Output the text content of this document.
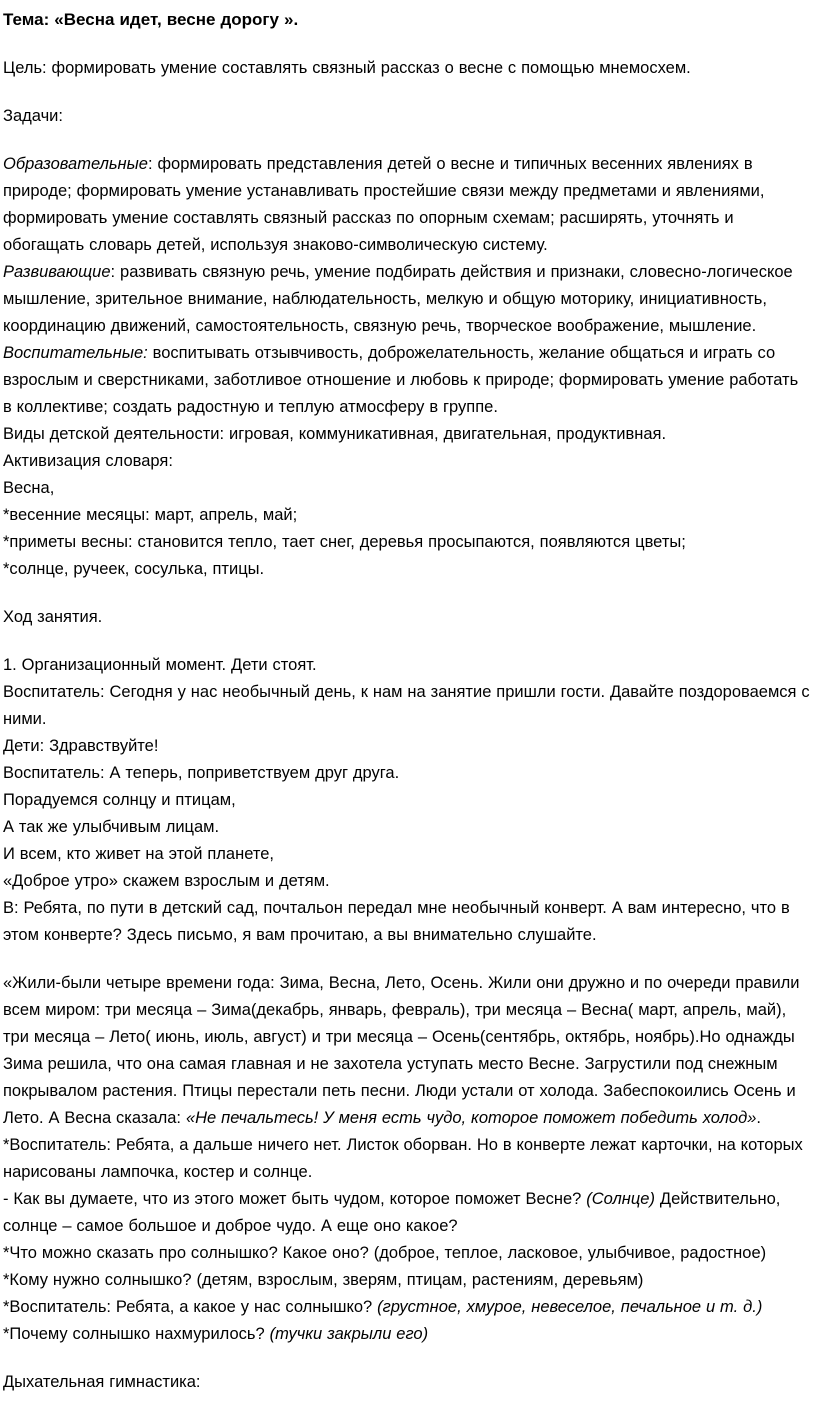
Тема: «Весна идет, весне дорогу ».

Цель: формировать умение составлять связный рассказ о весне с помощью мнемосхем.

Задачи:

Образовательные: формировать представления детей о весне и типичных весенних явлениях в природе; формировать умение устанавливать простейшие связи между предметами и явлениями, формировать умение составлять связный рассказ по опорным схемам; расширять, уточнять и обогащать словарь детей, используя знаково-символическую систему.

Развивающие: развивать связную речь, умение подбирать действия и признаки, словесно-логическое мышление, зрительное внимание, наблюдательность, мелкую и общую моторику, инициативность, координацию движений, самостоятельность, связную речь, творческое воображение, мышление.

Воспитательные: воспитывать отзывчивость, доброжелательность, желание общаться и играть со взрослым и сверстниками, заботливое отношение и любовь к природе; формировать умение работать в коллективе; создать радостную и теплую атмосферу в группе.

Виды детской деятельности: игровая, коммуникативная, двигательная, продуктивная.

Активизация словаря:

Весна,

*весенние месяцы: март, апрель, май;

*приметы весны: становится тепло, тает снег, деревья просыпаются, появляются цветы;

*солнце, ручеек, сосулька, птицы.

Ход занятия.

1. Организационный момент. Дети стоят.

Воспитатель: Сегодня у нас необычный день, к нам на занятие пришли гости. Давайте поздороваемся с ними.

Дети: Здравствуйте!

Воспитатель: А теперь, поприветствуем друг друга.

Порадуемся солнцу и птицам,

А так же улыбчивым лицам.

И всем, кто живет на этой планете,

«Доброе утро» скажем взрослым и детям.

В: Ребята, по пути в детский сад, почтальон передал мне необычный конверт. А вам интересно, что в этом конверте? Здесь письмо, я вам прочитаю, а вы внимательно слушайте.

«Жили-были четыре времени года: Зима, Весна, Лето, Осень. Жили они дружно и по очереди правили всем миром: три месяца – Зима(декабрь, январь, февраль), три месяца – Весна( март, апрель, май), три месяца – Лето( июнь, июль, август) и три месяца – Осень(сентябрь, октябрь, ноябрь).Но однажды Зима решила, что она самая главная и не захотела уступать место Весне. Загрустили под снежным покрывалом растения. Птицы перестали петь песни. Люди устали от холода. Забеспокоились Осень и Лето. А Весна сказала: «Не печальтесь! У меня есть чудо, которое поможет победить холод».

*Воспитатель: Ребята, а дальше ничего нет. Листок оборван. Но в конверте лежат карточки, на которых нарисованы лампочка, костер и солнце.

- Как вы думаете, что из этого может быть чудом, которое поможет Весне? (Солнце) Действительно, солнце – самое большое и доброе чудо. А еще оно какое?

*Что можно сказать про солнышко? Какое оно? (доброе, теплое, ласковое, улыбчивое, радостное)

*Кому нужно солнышко? (детям, взрослым, зверям, птицам, растениям, деревьям)

*Воспитатель: Ребята, а какое у нас солнышко? (грустное, хмурое, невеселое, печальное и т. д.)

*Почему солнышко нахмурилось? (тучки закрыли его)

Дыхательная гимнастика:
